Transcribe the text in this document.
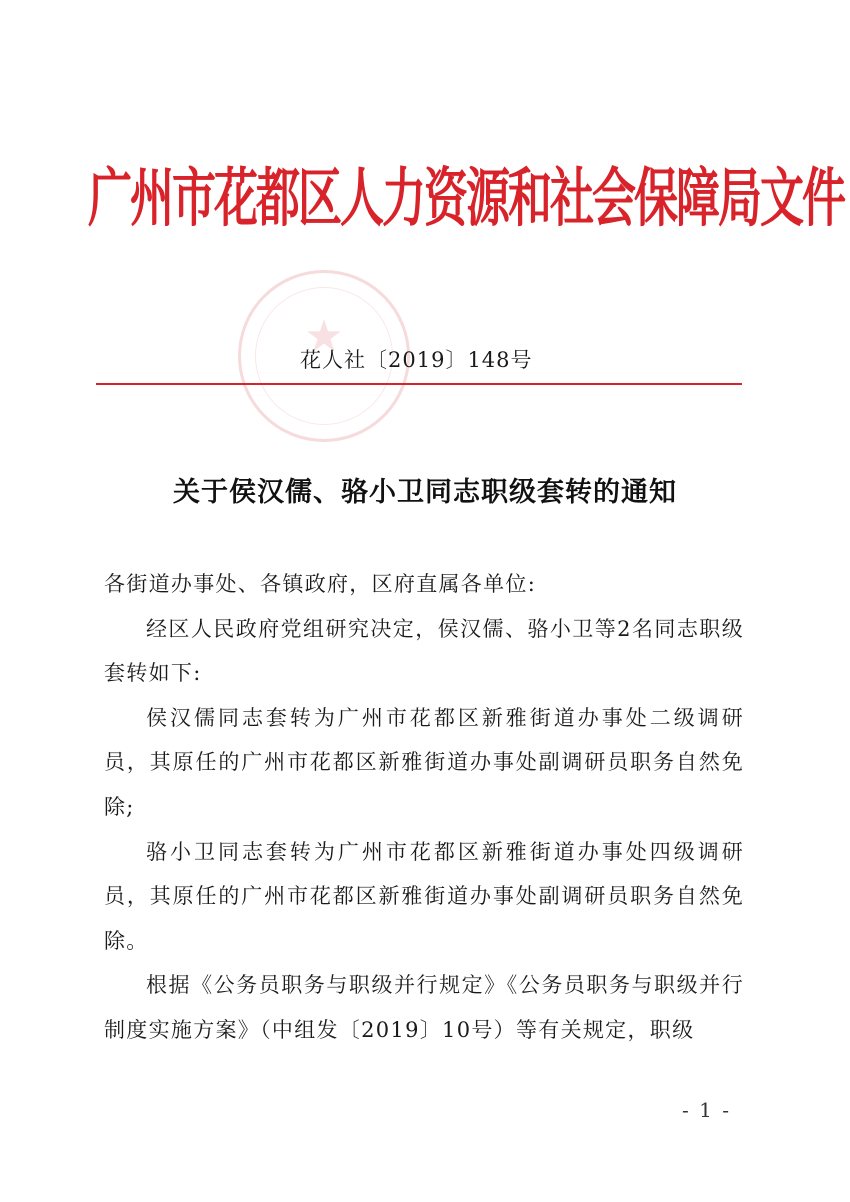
广州市花都区人力资源和社会保障局文件
★
花人社〔2019〕148号
关于侯汉儒、骆小卫同志职级套转的通知

各街道办事处、各镇政府，区府直属各单位:

经区人民政府党组研究决定，侯汉儒、骆小卫等2名同志职级套转如下:

侯汉儒同志套转为广州市花都区新雅街道办事处二级调研员，其原任的广州市花都区新雅街道办事处副调研员职务自然免除;

骆小卫同志套转为广州市花都区新雅街道办事处四级调研员，其原任的广州市花都区新雅街道办事处副调研员职务自然免除。

根据《公务员职务与职级并行规定》《公务员职务与职级并行制度实施方案》（中组发〔2019〕10号）等有关规定，职级

- 1 -
